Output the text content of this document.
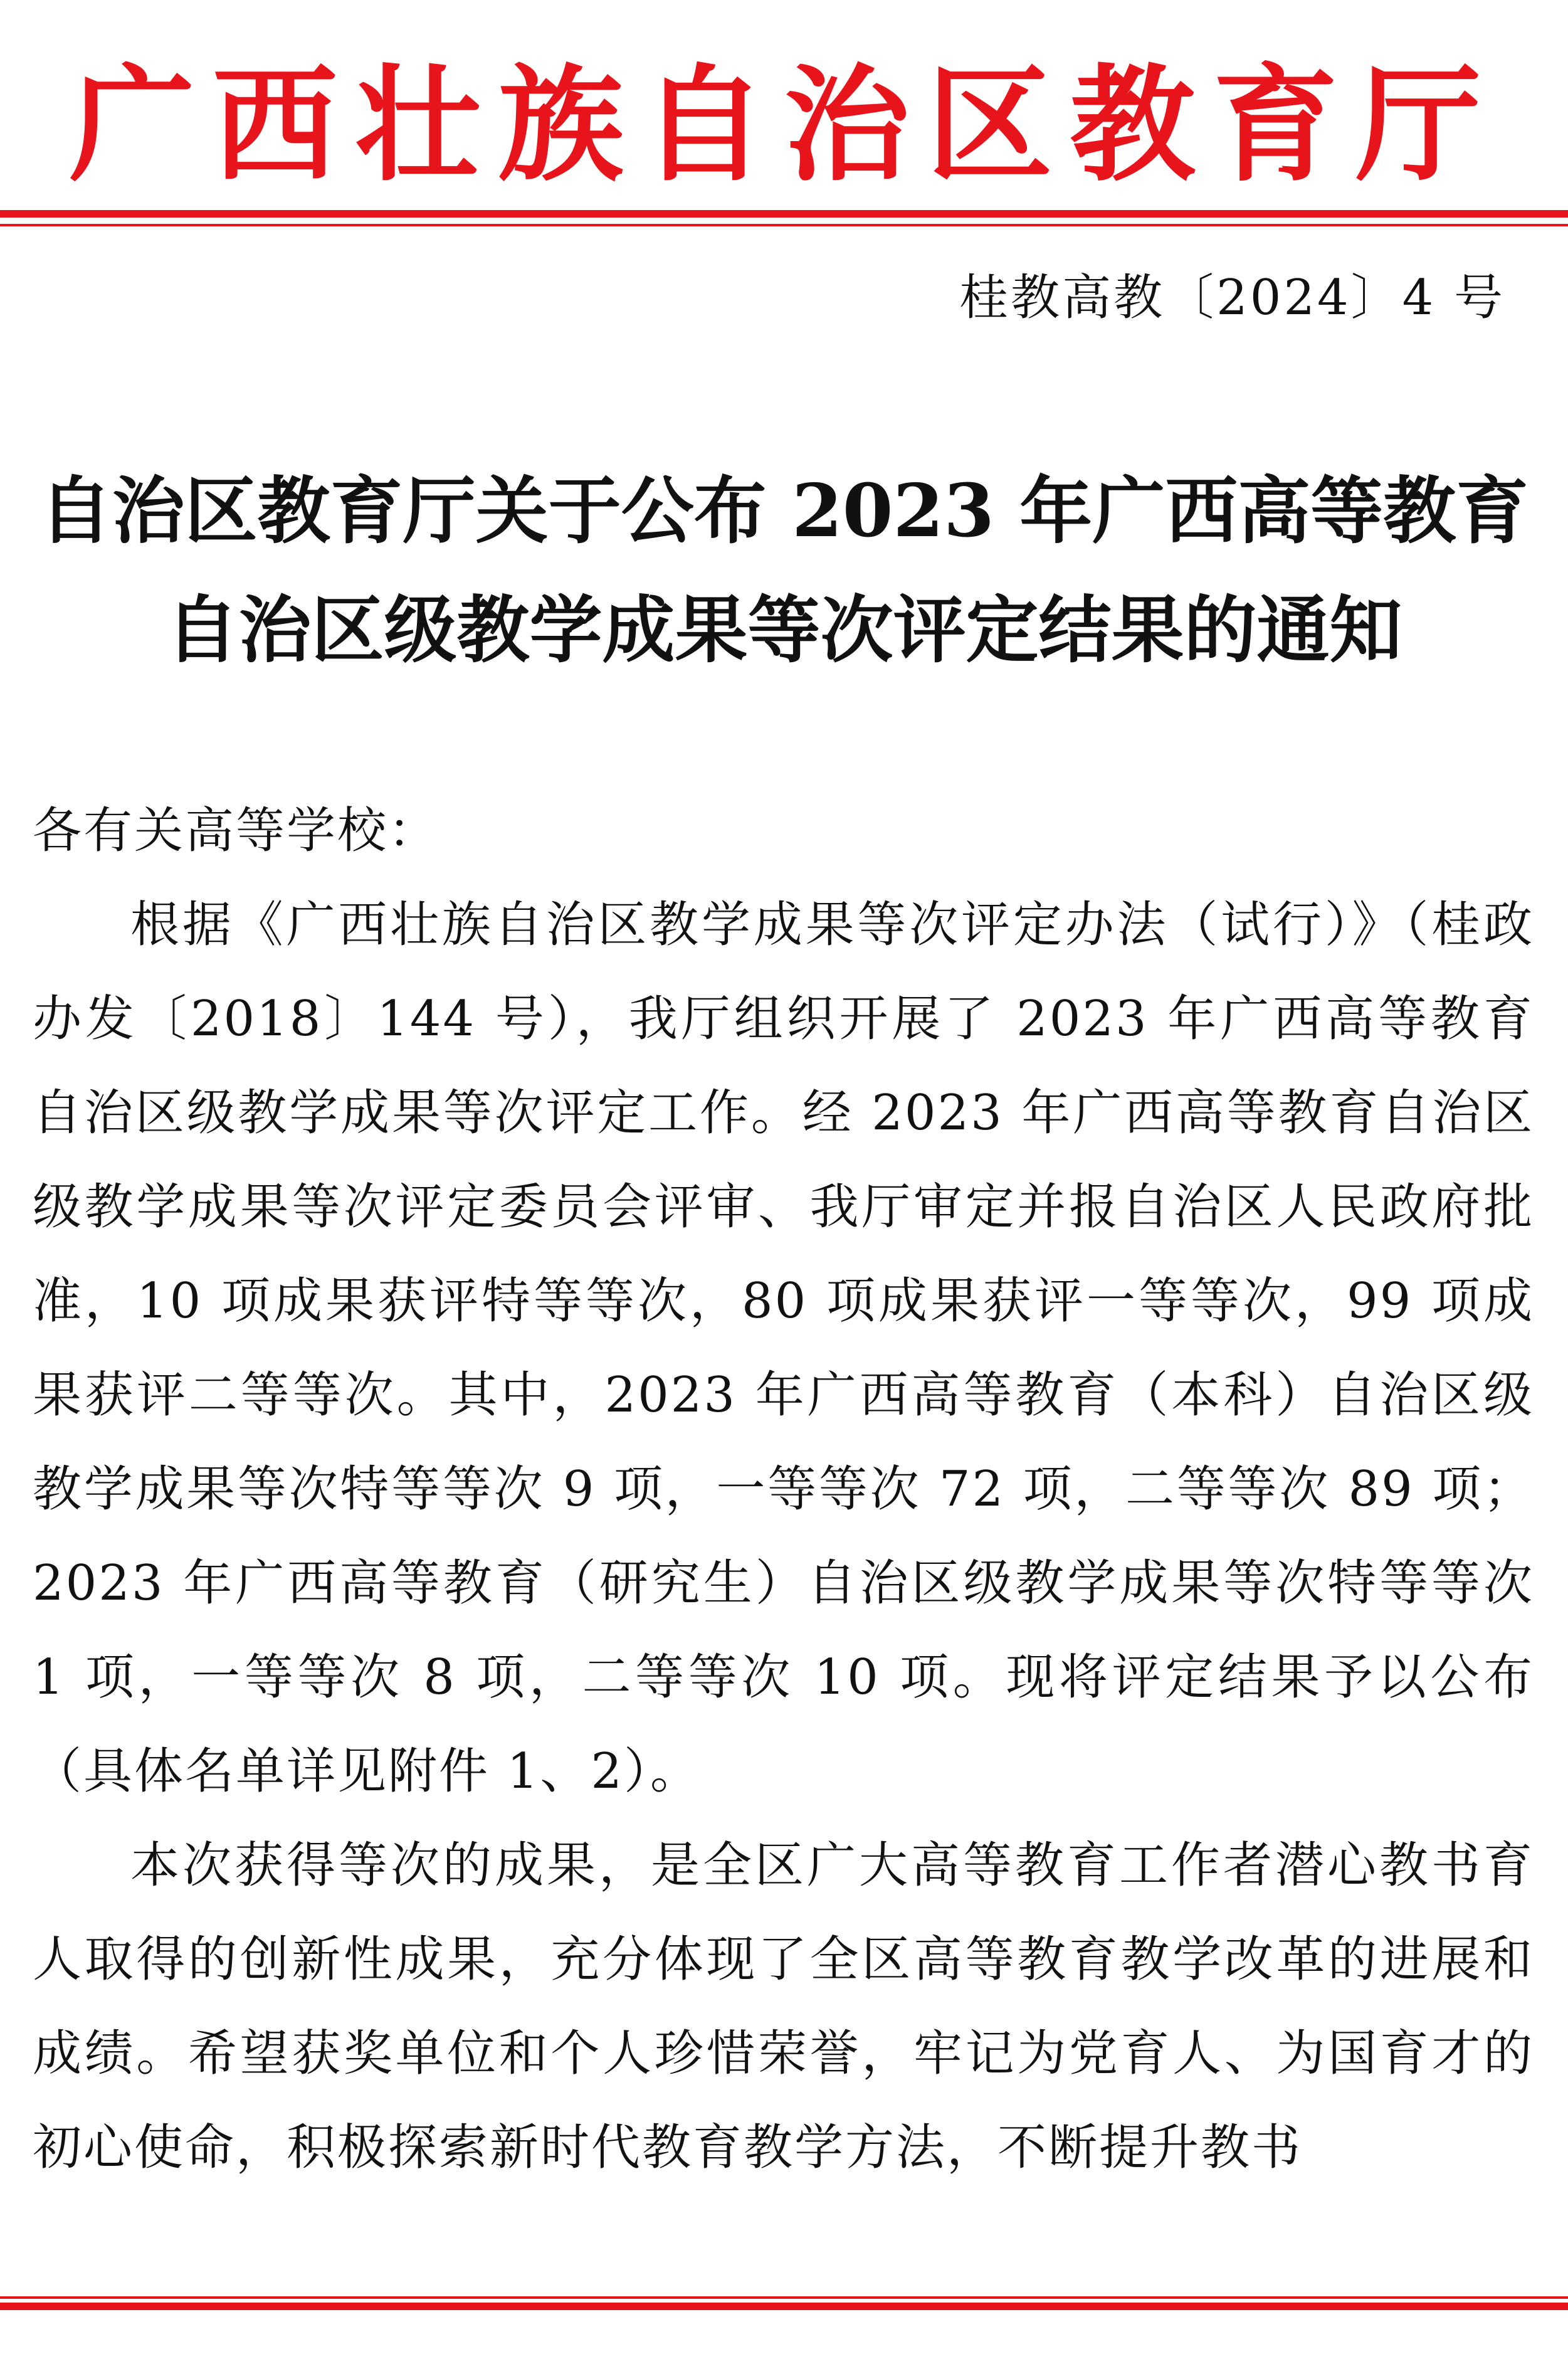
广西壮族自治区教育厅
桂教高教〔2024〕4 号
自治区教育厅关于公布 2023 年广西高等教育
自治区级教学成果等次评定结果的通知

各有关高等学校：

根据《广西壮族自治区教学成果等次评定办法（试行）》（桂政办发〔2018〕144 号），我厅组织开展了 2023 年广西高等教育自治区级教学成果等次评定工作。经 2023 年广西高等教育自治区级教学成果等次评定委员会评审、我厅审定并报自治区人民政府批准，10 项成果获评特等等次，80 项成果获评一等等次，99 项成果获评二等等次。其中，2023 年广西高等教育（本科）自治区级教学成果等次特等等次 9 项，一等等次 72 项，二等等次 89 项；2023 年广西高等教育（研究生）自治区级教学成果等次特等等次 1 项，一等等次 8 项，二等等次 10 项。现将评定结果予以公布（具体名单详见附件 1、2）。

本次获得等次的成果，是全区广大高等教育工作者潜心教书育人取得的创新性成果，充分体现了全区高等教育教学改革的进展和成绩。希望获奖单位和个人珍惜荣誉，牢记为党育人、为国育才的初心使命，积极探索新时代教育教学方法，不断提升教书
